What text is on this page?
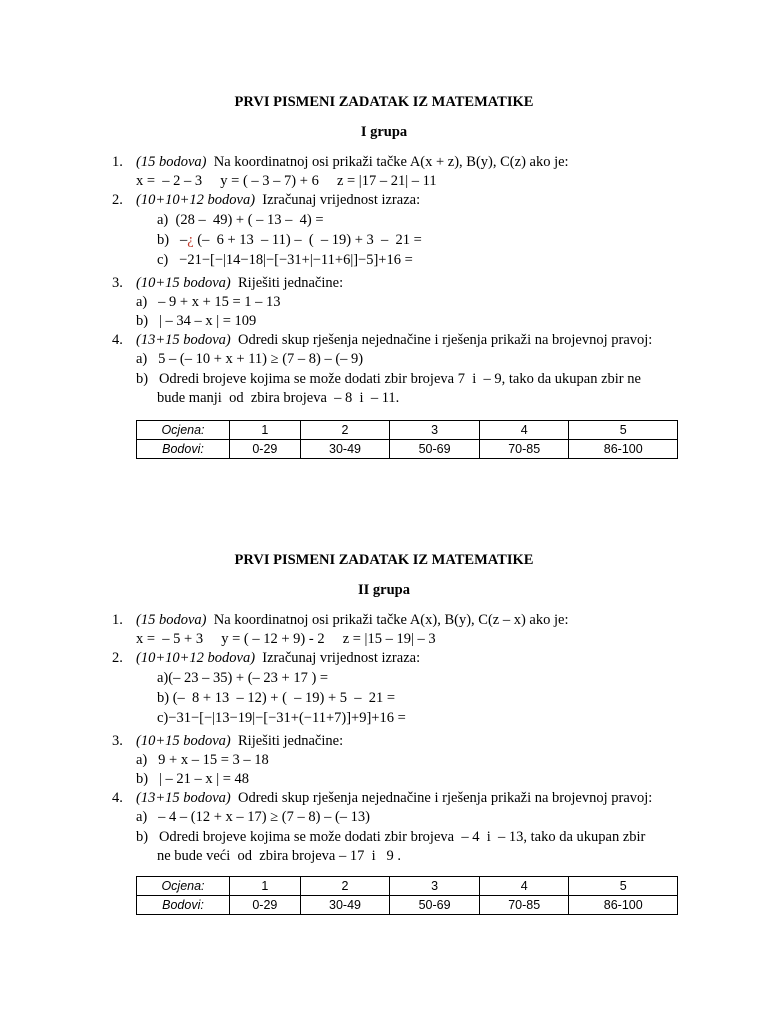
PRVI PISMENI ZADATAK IZ MATEMATIKE
I grupa
1. (15 bodova) Na koordinatnoj osi prikaži tačke A(x + z), B(y), C(z) ako je:
x =  – 2 – 3     y = ( – 3 – 7) + 6     z = |17 – 21| – 11
2. (10+10+12 bodova) Izračunaj vrijednost izraza:
a)  (28 –  49) + ( – 13 –  4) =
b)   –¿ (–  6 + 13  – 11) –  (  – 19) + 3  –  21 =
c)   −21−[−|14−18|−[−31+|−11+6|]−5]+16 =
3. (10+15 bodova) Riješiti jednačine:
a)   – 9 + x + 15 = 1 – 13
b)   | – 34 – x | = 109
4. (13+15 bodova) Odredi skup rješenja nejednačine i rješenja prikaži na brojevnoj pravoj:
a)   5 – (– 10 + x + 11) ≥ (7 – 8) – (– 9)
b)   Odredi brojeve kojima se može dodati zbir brojeva 7  i  – 9, tako da ukupan zbir ne
bude manji  od  zbira brojeva  – 8  i  – 11.
Ocjena:	1	2	3	4	5
Bodovi:	0-29	30-49	50-69	70-85	86-100
PRVI PISMENI ZADATAK IZ MATEMATIKE
II grupa
1. (15 bodova) Na koordinatnoj osi prikaži tačke A(x), B(y), C(z – x) ako je:
x =  – 5 + 3     y = ( – 12 + 9) - 2     z = |15 – 19| – 3
2. (10+10+12 bodova) Izračunaj vrijednost izraza:
a)(– 23 – 35) + (– 23 + 17 ) =
b) (–  8 + 13  – 12) + (  – 19) + 5  –  21 =
c)−31−[−|13−19|−[−31+(−11+7)]+9]+16 =
3. (10+15 bodova) Riješiti jednačine:
a)   9 + x – 15 = 3 – 18
b)   | – 21 – x | = 48
4. (13+15 bodova) Odredi skup rješenja nejednačine i rješenja prikaži na brojevnoj pravoj:
a)   – 4 – (12 + x – 17) ≥ (7 – 8) – (– 13)
b)   Odredi brojeve kojima se može dodati zbir brojeva  – 4  i  – 13, tako da ukupan zbir
ne bude veći  od  zbira brojeva – 17  i   9 .
Ocjena:	1	2	3	4	5
Bodovi:	0-29	30-49	50-69	70-85	86-100
